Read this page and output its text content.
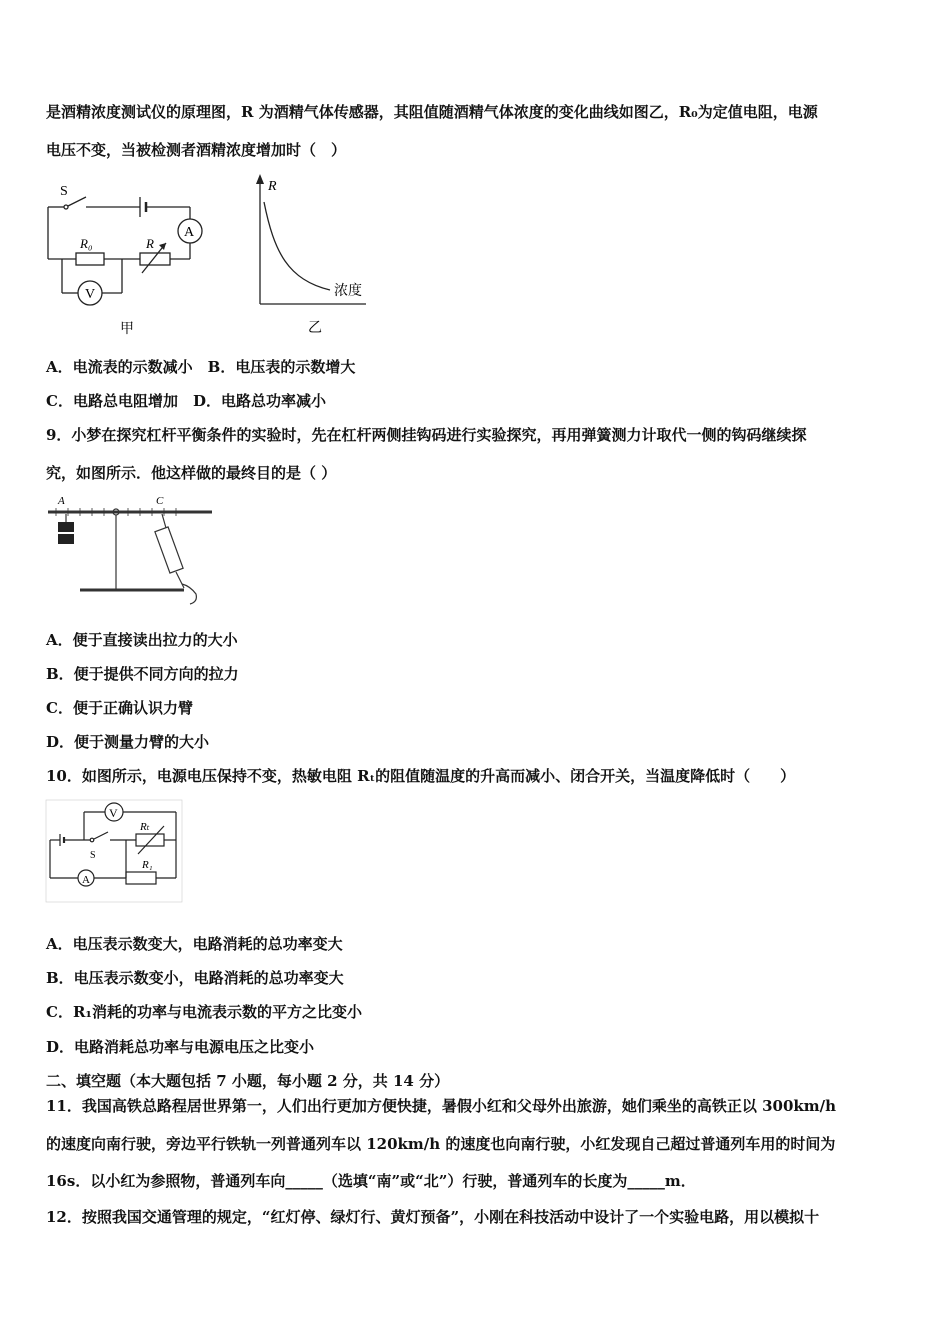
是酒精浓度测试仪的原理图，R 为酒精气体传感器，其阻值随酒精气体浓度的变化曲线如图乙，R₀为定值电阻，电源
电压不变，当被检测者酒精浓度增加时（　）
S
A
V
R₀	R
甲
R
浓度
乙
A．电流表的示数减小　B．电压表的示数增大
C．电路总电阻增加　D．电路总功率减小
9．小梦在探究杠杆平衡条件的实验时，先在杠杆两侧挂钩码进行实验探究，再用弹簧测力计取代一侧的钩码继续探
究，如图所示．他这样做的最终目的是（ ）
A	C
A．便于直接读出拉力的大小
B．便于提供不同方向的拉力
C．便于正确认识力臂
D．便于测量力臂的大小
10．如图所示，电源电压保持不变，热敏电阻 Rₜ的阻值随温度的升高而减小、闭合开关，当温度降低时（　　）
V
A
S
Rₜ
R₁
A．电压表示数变大，电路消耗的总功率变大
B．电压表示数变小，电路消耗的总功率变大
C．R₁消耗的功率与电流表示数的平方之比变小
D．电路消耗总功率与电源电压之比变小
二、填空题（本大题包括 7 小题，每小题 2 分，共 14 分）
11．我国高铁总路程居世界第一，人们出行更加方便快捷，暑假小红和父母外出旅游，她们乘坐的高铁正以 300km/h
的速度向南行驶，旁边平行铁轨一列普通列车以 120km/h 的速度也向南行驶，小红发现自己超过普通列车用的时间为
16s．以小红为参照物，普通列车向_____（选填“南”或“北”）行驶，普通列车的长度为_____m．
12．按照我国交通管理的规定，“红灯停、绿灯行、黄灯预备”，小刚在科技活动中设计了一个实验电路，用以模拟十
